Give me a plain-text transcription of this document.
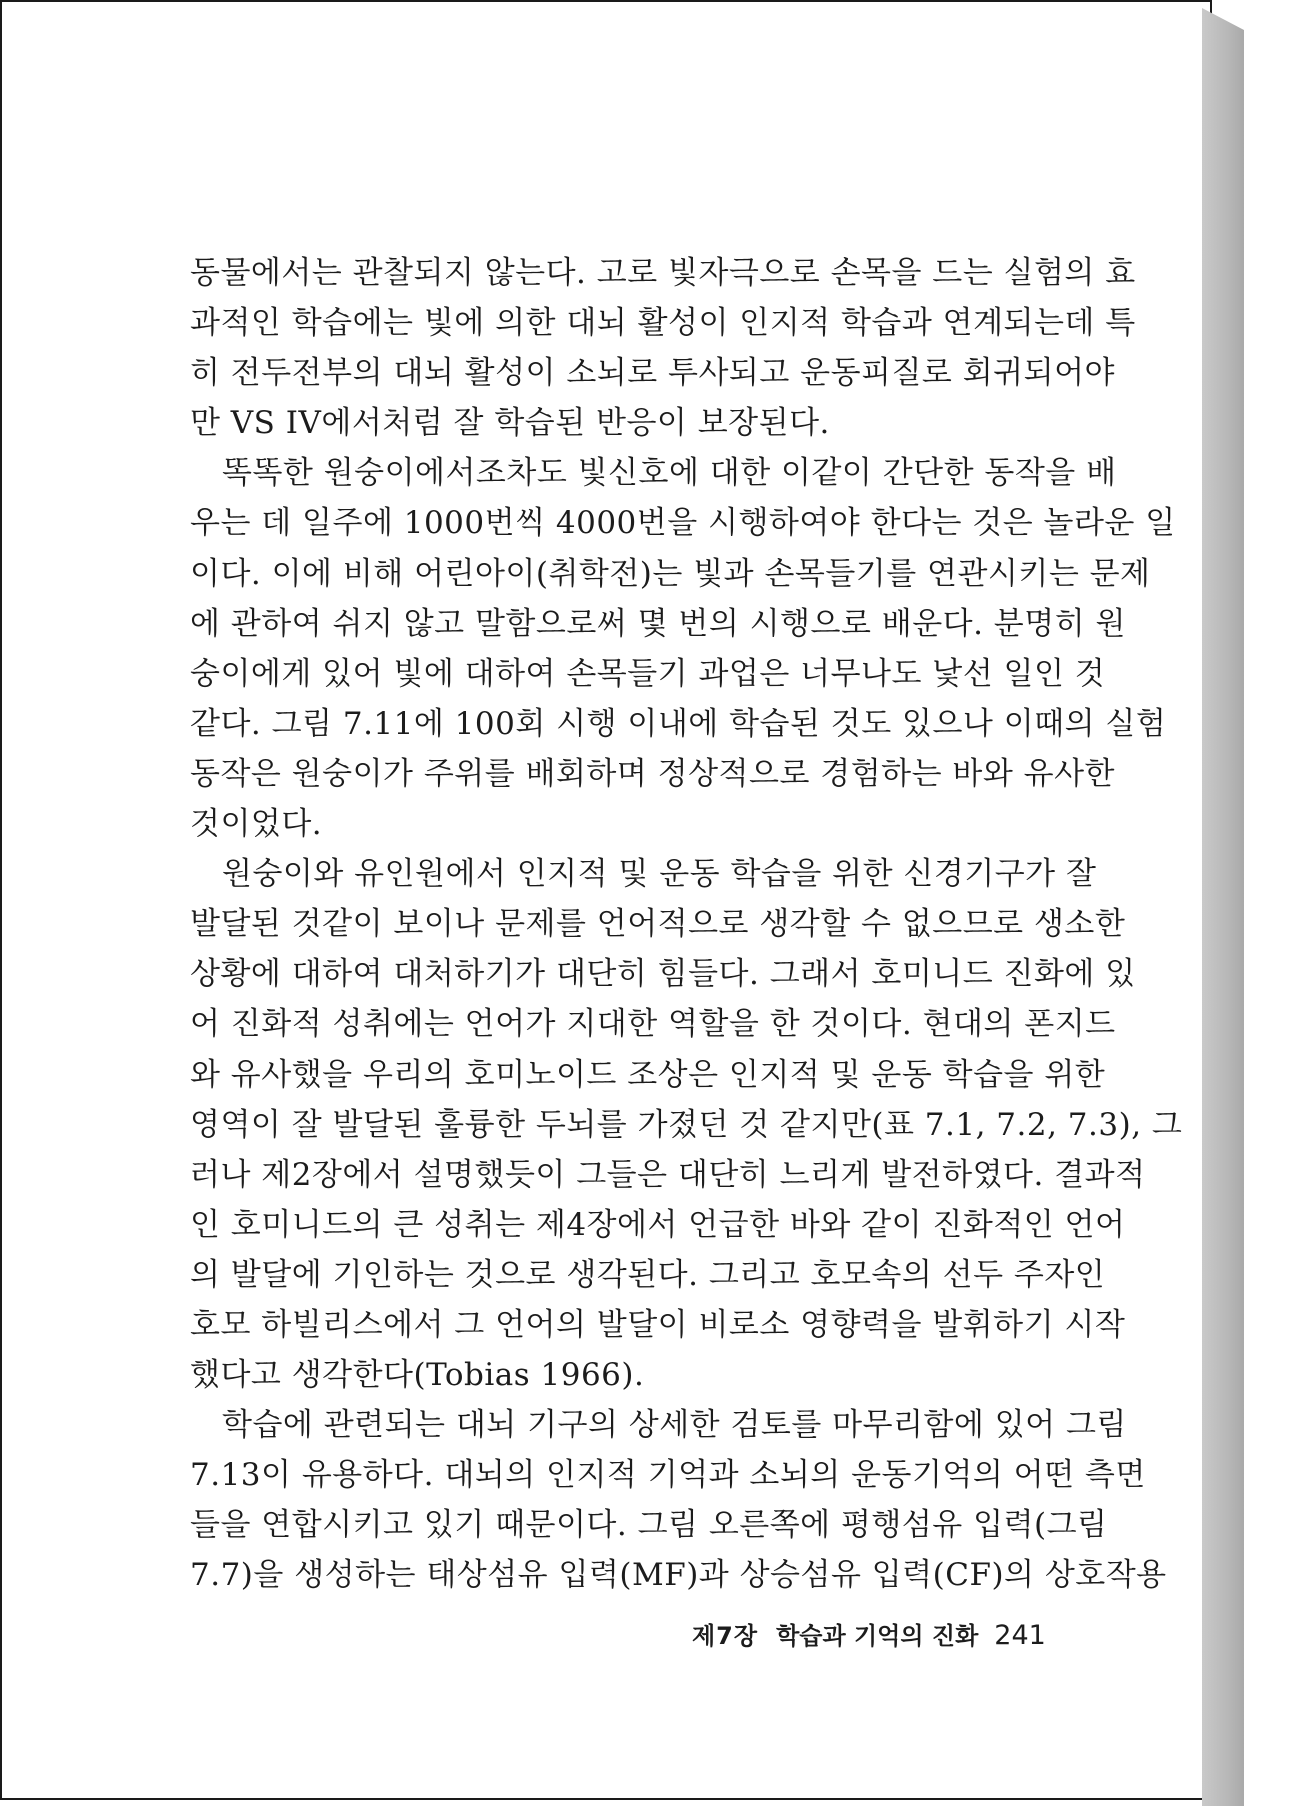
동물에서는 관찰되지 않는다. 고로 빛자극으로 손목을 드는 실험의 효
과적인 학습에는 빛에 의한 대뇌 활성이 인지적 학습과 연계되는데 특
히 전두전부의 대뇌 활성이 소뇌로 투사되고 운동피질로 회귀되어야
만 VS IV에서처럼 잘 학습된 반응이 보장된다.
똑똑한 원숭이에서조차도 빛신호에 대한 이같이 간단한 동작을 배
우는 데 일주에 1000번씩 4000번을 시행하여야 한다는 것은 놀라운 일
이다. 이에 비해 어린아이(취학전)는 빛과 손목들기를 연관시키는 문제
에 관하여 쉬지 않고 말함으로써 몇 번의 시행으로 배운다. 분명히 원
숭이에게 있어 빛에 대하여 손목들기 과업은 너무나도 낯선 일인 것
같다. 그림 7.11에 100회 시행 이내에 학습된 것도 있으나 이때의 실험
동작은 원숭이가 주위를 배회하며 정상적으로 경험하는 바와 유사한
것이었다.
원숭이와 유인원에서 인지적 및 운동 학습을 위한 신경기구가 잘
발달된 것같이 보이나 문제를 언어적으로 생각할 수 없으므로 생소한
상황에 대하여 대처하기가 대단히 힘들다. 그래서 호미니드 진화에 있
어 진화적 성취에는 언어가 지대한 역할을 한 것이다. 현대의 폰지드
와 유사했을 우리의 호미노이드 조상은 인지적 및 운동 학습을 위한
영역이 잘 발달된 훌륭한 두뇌를 가졌던 것 같지만(표 7.1, 7.2, 7.3), 그
러나 제2장에서 설명했듯이 그들은 대단히 느리게 발전하였다. 결과적
인 호미니드의 큰 성취는 제4장에서 언급한 바와 같이 진화적인 언어
의 발달에 기인하는 것으로 생각된다. 그리고 호모속의 선두 주자인
호모 하빌리스에서 그 언어의 발달이 비로소 영향력을 발휘하기 시작
했다고 생각한다(Tobias 1966).
학습에 관련되는 대뇌 기구의 상세한 검토를 마무리함에 있어 그림
7.13이 유용하다. 대뇌의 인지적 기억과 소뇌의 운동기억의 어떤 측면
들을 연합시키고 있기 때문이다. 그림 오른쪽에 평행섬유 입력(그림
7.7)을 생성하는 태상섬유 입력(MF)과 상승섬유 입력(CF)의 상호작용
제7장 학습과 기억의 진화 241
